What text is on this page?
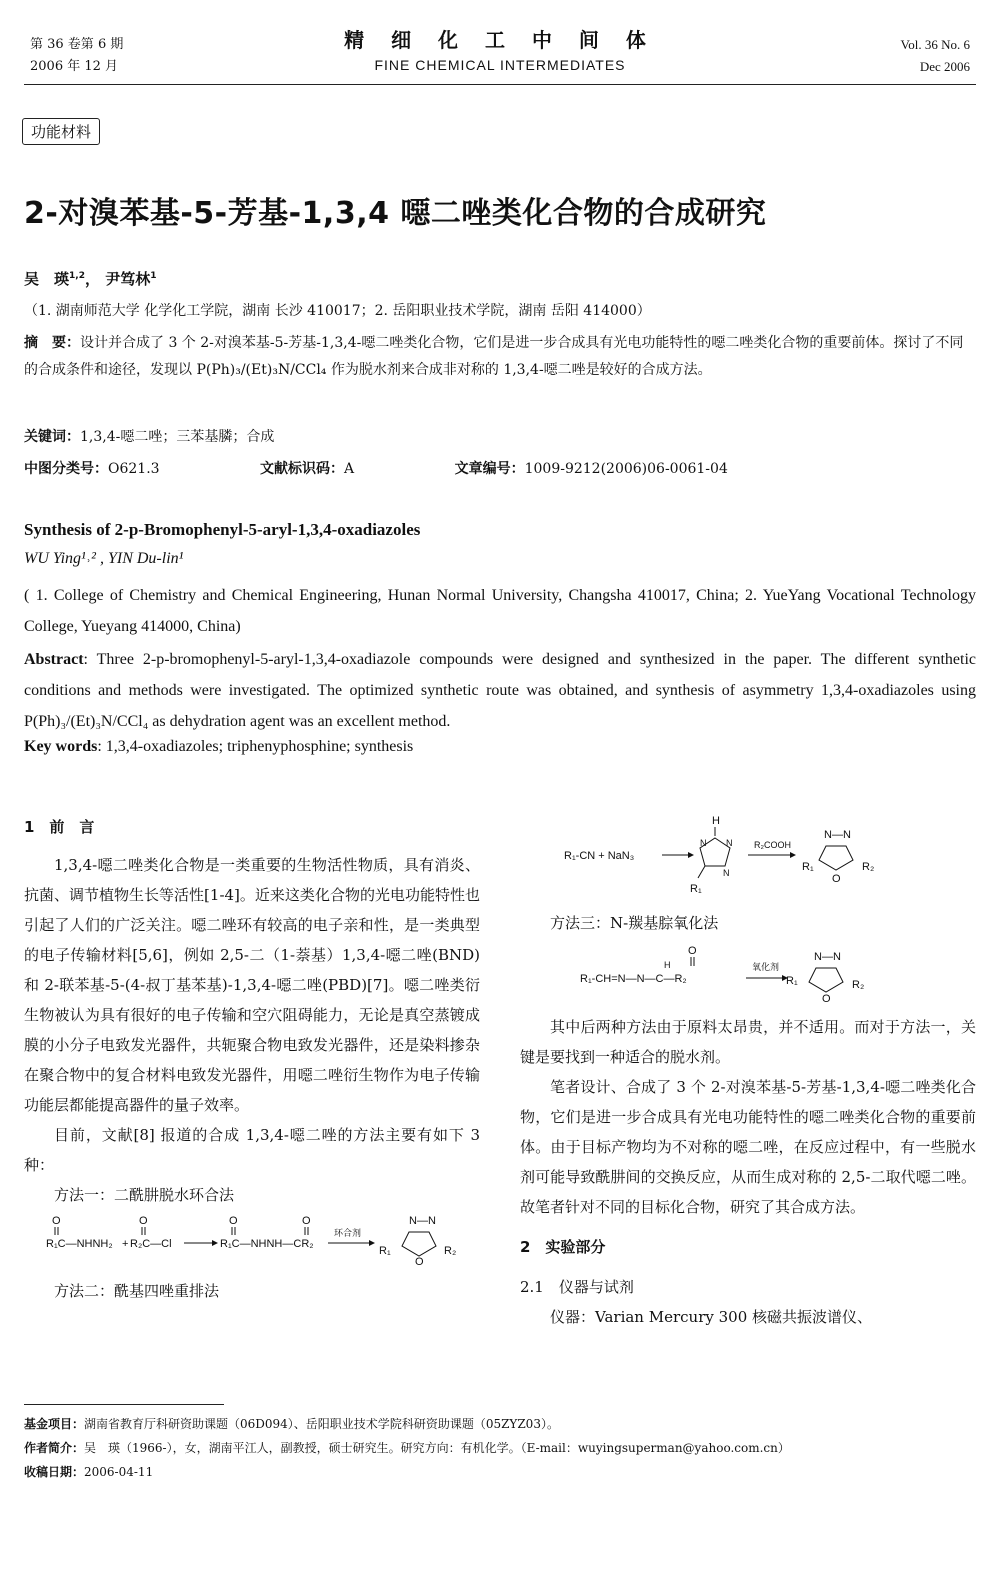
第 36 卷第 6 期
2006 年 12 月
精 细 化 工 中 间 体
FINE CHEMICAL INTERMEDIATES
Vol. 36 No. 6
Dec 2006
功能材料
2-对溴苯基-5-芳基-1,3,4 噁二唑类化合物的合成研究
吴　瑛$^{1,2}$， 尹笃林$^1$
（1. 湖南师范大学 化学化工学院，湖南 长沙 410017；2. 岳阳职业技术学院，湖南 岳阳 414000）
摘　要：设计并合成了 3 个 2-对溴苯基-5-芳基-1,3,4-噁二唑类化合物，它们是进一步合成具有光电功能特性的噁二唑类化合物的重要前体。探讨了不同的合成条件和途径，发现以 P(Ph)₃/(Et)₃N/CCl₄ 作为脱水剂来合成非对称的 1,3,4-噁二唑是较好的合成方法。
关键词：1,3,4-噁二唑；三苯基膦；合成
中图分类号：O621.3	文献标识码：A	文章编号：1009-9212(2006)06-0061-04
Synthesis of 2-p-Bromophenyl-5-aryl-1,3,4-oxadiazoles
WU Ying¹˒² , YIN Du-lin¹
( 1. College of Chemistry and Chemical Engineering, Hunan Normal University, Changsha 410017, China; 2. YueYang Vocational Technology College, Yueyang 414000, China)
Abstract: Three 2-p-bromophenyl-5-aryl-1,3,4-oxadiazole compounds were designed and synthesized in the paper. The different synthetic conditions and methods were investigated. The optimized synthetic route was obtained, and synthesis of asymmetry 1,3,4-oxadiazoles using P(Ph)₃/(Et)₃N/CCl₄ as dehydration agent was an excellent method.
Key words: 1,3,4-oxadiazoles; triphenyphosphine; synthesis
1　前　言

1,3,4-噁二唑类化合物是一类重要的生物活性物质，具有消炎、抗菌、调节植物生长等活性[1-4]。近来这类化合物的光电功能特性也引起了人们的广泛关注。噁二唑环有较高的电子亲和性，是一类典型的电子传输材料[5,6]，例如 2,5-二（1-萘基）1,3,4-噁二唑(BND)和 2-联苯基-5-(4-叔丁基苯基)-1,3,4-噁二唑(PBD)[7]。噁二唑类衍生物被认为具有很好的电子传输和空穴阻碍能力，无论是真空蒸镀成膜的小分子电致发光器件，共轭聚合物电致发光器件，还是染料掺杂在聚合物中的复合材料电致发光器件，用噁二唑衍生物作为电子传输功能层都能提高器件的量子效率。

目前，文献[8] 报道的合成 1,3,4-噁二唑的方法主要有如下 3 种：

方法一：二酰肼脱水环合法
O
R₁C—NHNH₂ +
O
R₂C—Cl
O	O
R₁C—NHNH—CR₂
环合剂
R₁
N—N
O
R₂
方法二：酰基四唑重排法
R₁-CN + NaN₃
H
N N
N
R₁
R₂COOH
R₁
N—N
O
R₂
方法三：N-羰基腙氧化法
O
H
R₁-CH=N—N—C—R₂
氧化剂
R₁
N—N
O
R₂

其中后两种方法由于原料太昂贵，并不适用。而对于方法一，关键是要找到一种适合的脱水剂。

笔者设计、合成了 3 个 2-对溴苯基-5-芳基-1,3,4-噁二唑类化合物，它们是进一步合成具有光电功能特性的噁二唑类化合物的重要前体。由于目标产物均为不对称的噁二唑，在反应过程中，有一些脱水剂可能导致酰肼间的交换反应，从而生成对称的 2,5-二取代噁二唑。故笔者针对不同的目标化合物，研究了其合成方法。

2　实验部分
2.1　仪器与试剂

仪器：Varian Mercury 300 核磁共振波谱仪、

基金项目：湖南省教育厅科研资助课题（06D094）、岳阳职业技术学院科研资助课题（05ZYZ03）。
作者简介：吴　瑛（1966-），女，湖南平江人，副教授，硕士研究生。研究方向：有机化学。（E-mail：wuyingsuperman@yahoo.com.cn）
收稿日期：2006-04-11
